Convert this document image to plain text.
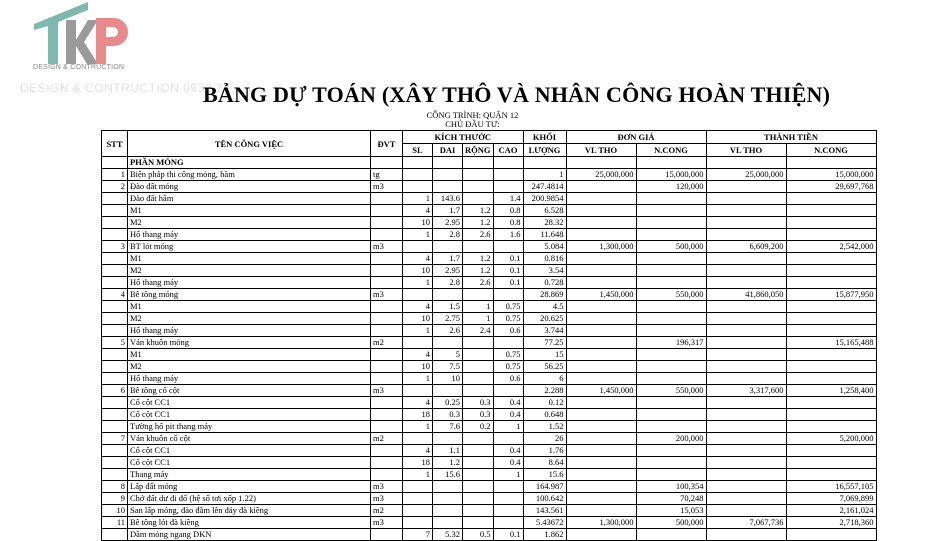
DESIGN & CONTRUCTION
DESIGN & CONTRUCTION 0932.28
BẢNG DỰ TOÁN (XÂY THÔ VÀ NHÂN CÔNG HOÀN THIỆN)
CÔNG TRÌNH: QUẬN 12
CHỦ ĐẦU TƯ:
STT	TÊN CÔNG VIỆC	ĐVT	KÍCH THƯỚC				KHỐI	ĐƠN GIÁ		THÀNH TIỀN	
			SL	DAI	RỘNG	CAO	LƯỢNG	VL THO	N.CONG	VL THO	N.CONG
	PHẦN MÓNG										
1	Biện pháp thi công móng, hầm	tg					1	25,000,000	15,000,000	25,000,000	15,000,000
2	Đào đất móng	m3					247.4814		120,000		29,697,768
	Đào đất hầm		1	143.6		1.4	200.9854				
	M1		4	1.7	1.2	0.8	6.528				
	M2		10	2.95	1.2	0.8	28.32				
	Hố thang máy		1	2.8	2.6	1.6	11.648				
3	BT lót móng	m3					5.084	1,300,000	500,000	6,609,200	2,542,000
	M1		4	1.7	1.2	0.1	0.816				
	M2		10	2.95	1.2	0.1	3.54				
	Hố thang máy		1	2.8	2.6	0.1	0.728				
4	Bê tông móng	m3					28.869	1,450,000	550,000	41,860,050	15,877,950
	M1		4	1.5	1	0.75	4.5				
	M2		10	2.75	1	0.75	20.625				
	Hố thang máy		1	2.6	2.4	0.6	3.744				
5	Ván khuôn móng	m2					77.25		196,317		15,165,488
	M1		4	5		0.75	15				
	M2		10	7.5		0.75	56.25				
	Hố thang máy		1	10		0.6	6				
6	Bê tông cổ cột	m3					2.288	1,450,000	550,000	3,317,600	1,258,400
	Cổ cột CC1		4	0.25	0.3	0.4	0.12				
	Cổ cột CC1		18	0.3	0.3	0.4	0.648				
	Tường hố pit thang máy		1	7.6	0.2	1	1.52				
7	Ván khuôn cổ cột	m2					26		200,000		5,200,000
	Cổ cột CC1		4	1.1		0.4	1.76				
	Cổ cột CC1		18	1.2		0.4	8.64				
	Thang máy		1	15.6		1	15.6				
8	Lấp đất móng	m3					164.987		100,354		16,557,105
9	Chở đất dư đi đổ (hệ số tơi xốp 1.22)	m3					100.642		70,248		7,069,899
10	San lấp móng, đào đầm lên đáy đà kiềng	m2					143.561		15,053		2,161,024
11	Bê tông lót đà kiềng	m3					5.43672	1,300,000	500,000	7,067,736	2,718,360
	Dầm móng ngang DKN		7	5.32	0.5	0.1	1.862				
